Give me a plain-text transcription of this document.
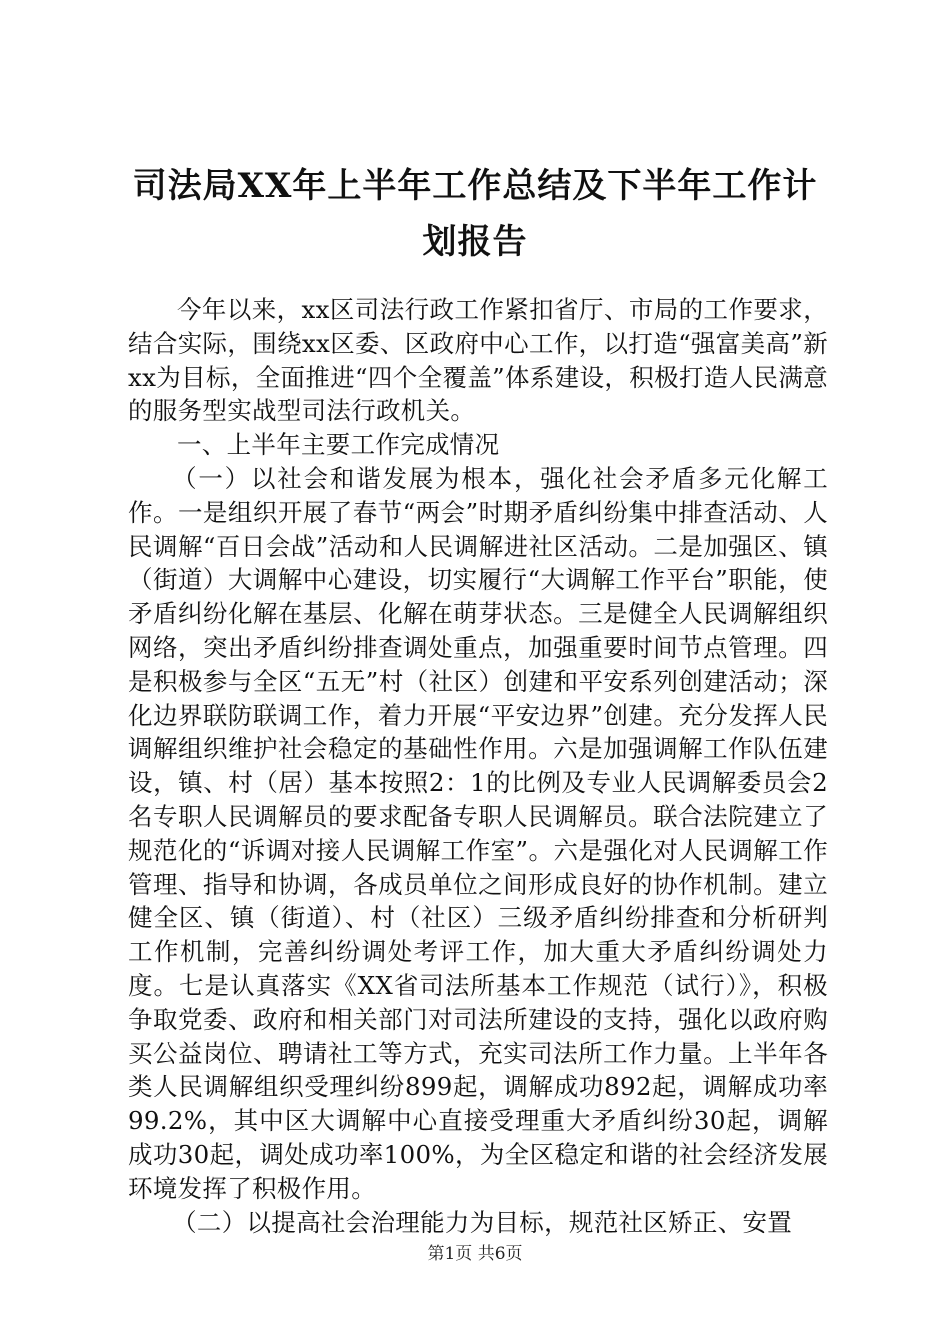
司法局XX年上半年工作总结及下半年工作计
划报告

今年以来，xx区司法行政工作紧扣省厅、市局的工作要求，结合实际，围绕xx区委、区政府中心工作，以打造“强富美高”新xx为目标，全面推进“四个全覆盖”体系建设，积极打造人民满意的服务型实战型司法行政机关。

一、上半年主要工作完成情况

（一）以社会和谐发展为根本，强化社会矛盾多元化解工作。一是组织开展了春节“两会”时期矛盾纠纷集中排查活动、人民调解“百日会战”活动和人民调解进社区活动。二是加强区、镇（街道）大调解中心建设，切实履行“大调解工作平台”职能，使矛盾纠纷化解在基层、化解在萌芽状态。三是健全人民调解组织网络，突出矛盾纠纷排查调处重点，加强重要时间节点管理。四是积极参与全区“五无”村（社区）创建和平安系列创建活动；深化边界联防联调工作，着力开展“平安边界”创建。充分发挥人民调解组织维护社会稳定的基础性作用。六是加强调解工作队伍建设，镇、村（居）基本按照2：1的比例及专业人民调解委员会2名专职人民调解员的要求配备专职人民调解员。联合法院建立了规范化的“诉调对接人民调解工作室”。六是强化对人民调解工作管理、指导和协调，各成员单位之间形成良好的协作机制。建立健全区、镇（街道）、村（社区）三级矛盾纠纷排查和分析研判工作机制，完善纠纷调处考评工作，加大重大矛盾纠纷调处力度。七是认真落实《XX省司法所基本工作规范（试行）》，积极争取党委、政府和相关部门对司法所建设的支持，强化以政府购买公益岗位、聘请社工等方式，充实司法所工作力量。上半年各类人民调解组织受理纠纷899起，调解成功892起，调解成功率99.2%，其中区大调解中心直接受理重大矛盾纠纷30起，调解成功30起，调处成功率100%，为全区稳定和谐的社会经济发展环境发挥了积极作用。

（二）以提高社会治理能力为目标，规范社区矫正、安置

第1页 共6页
